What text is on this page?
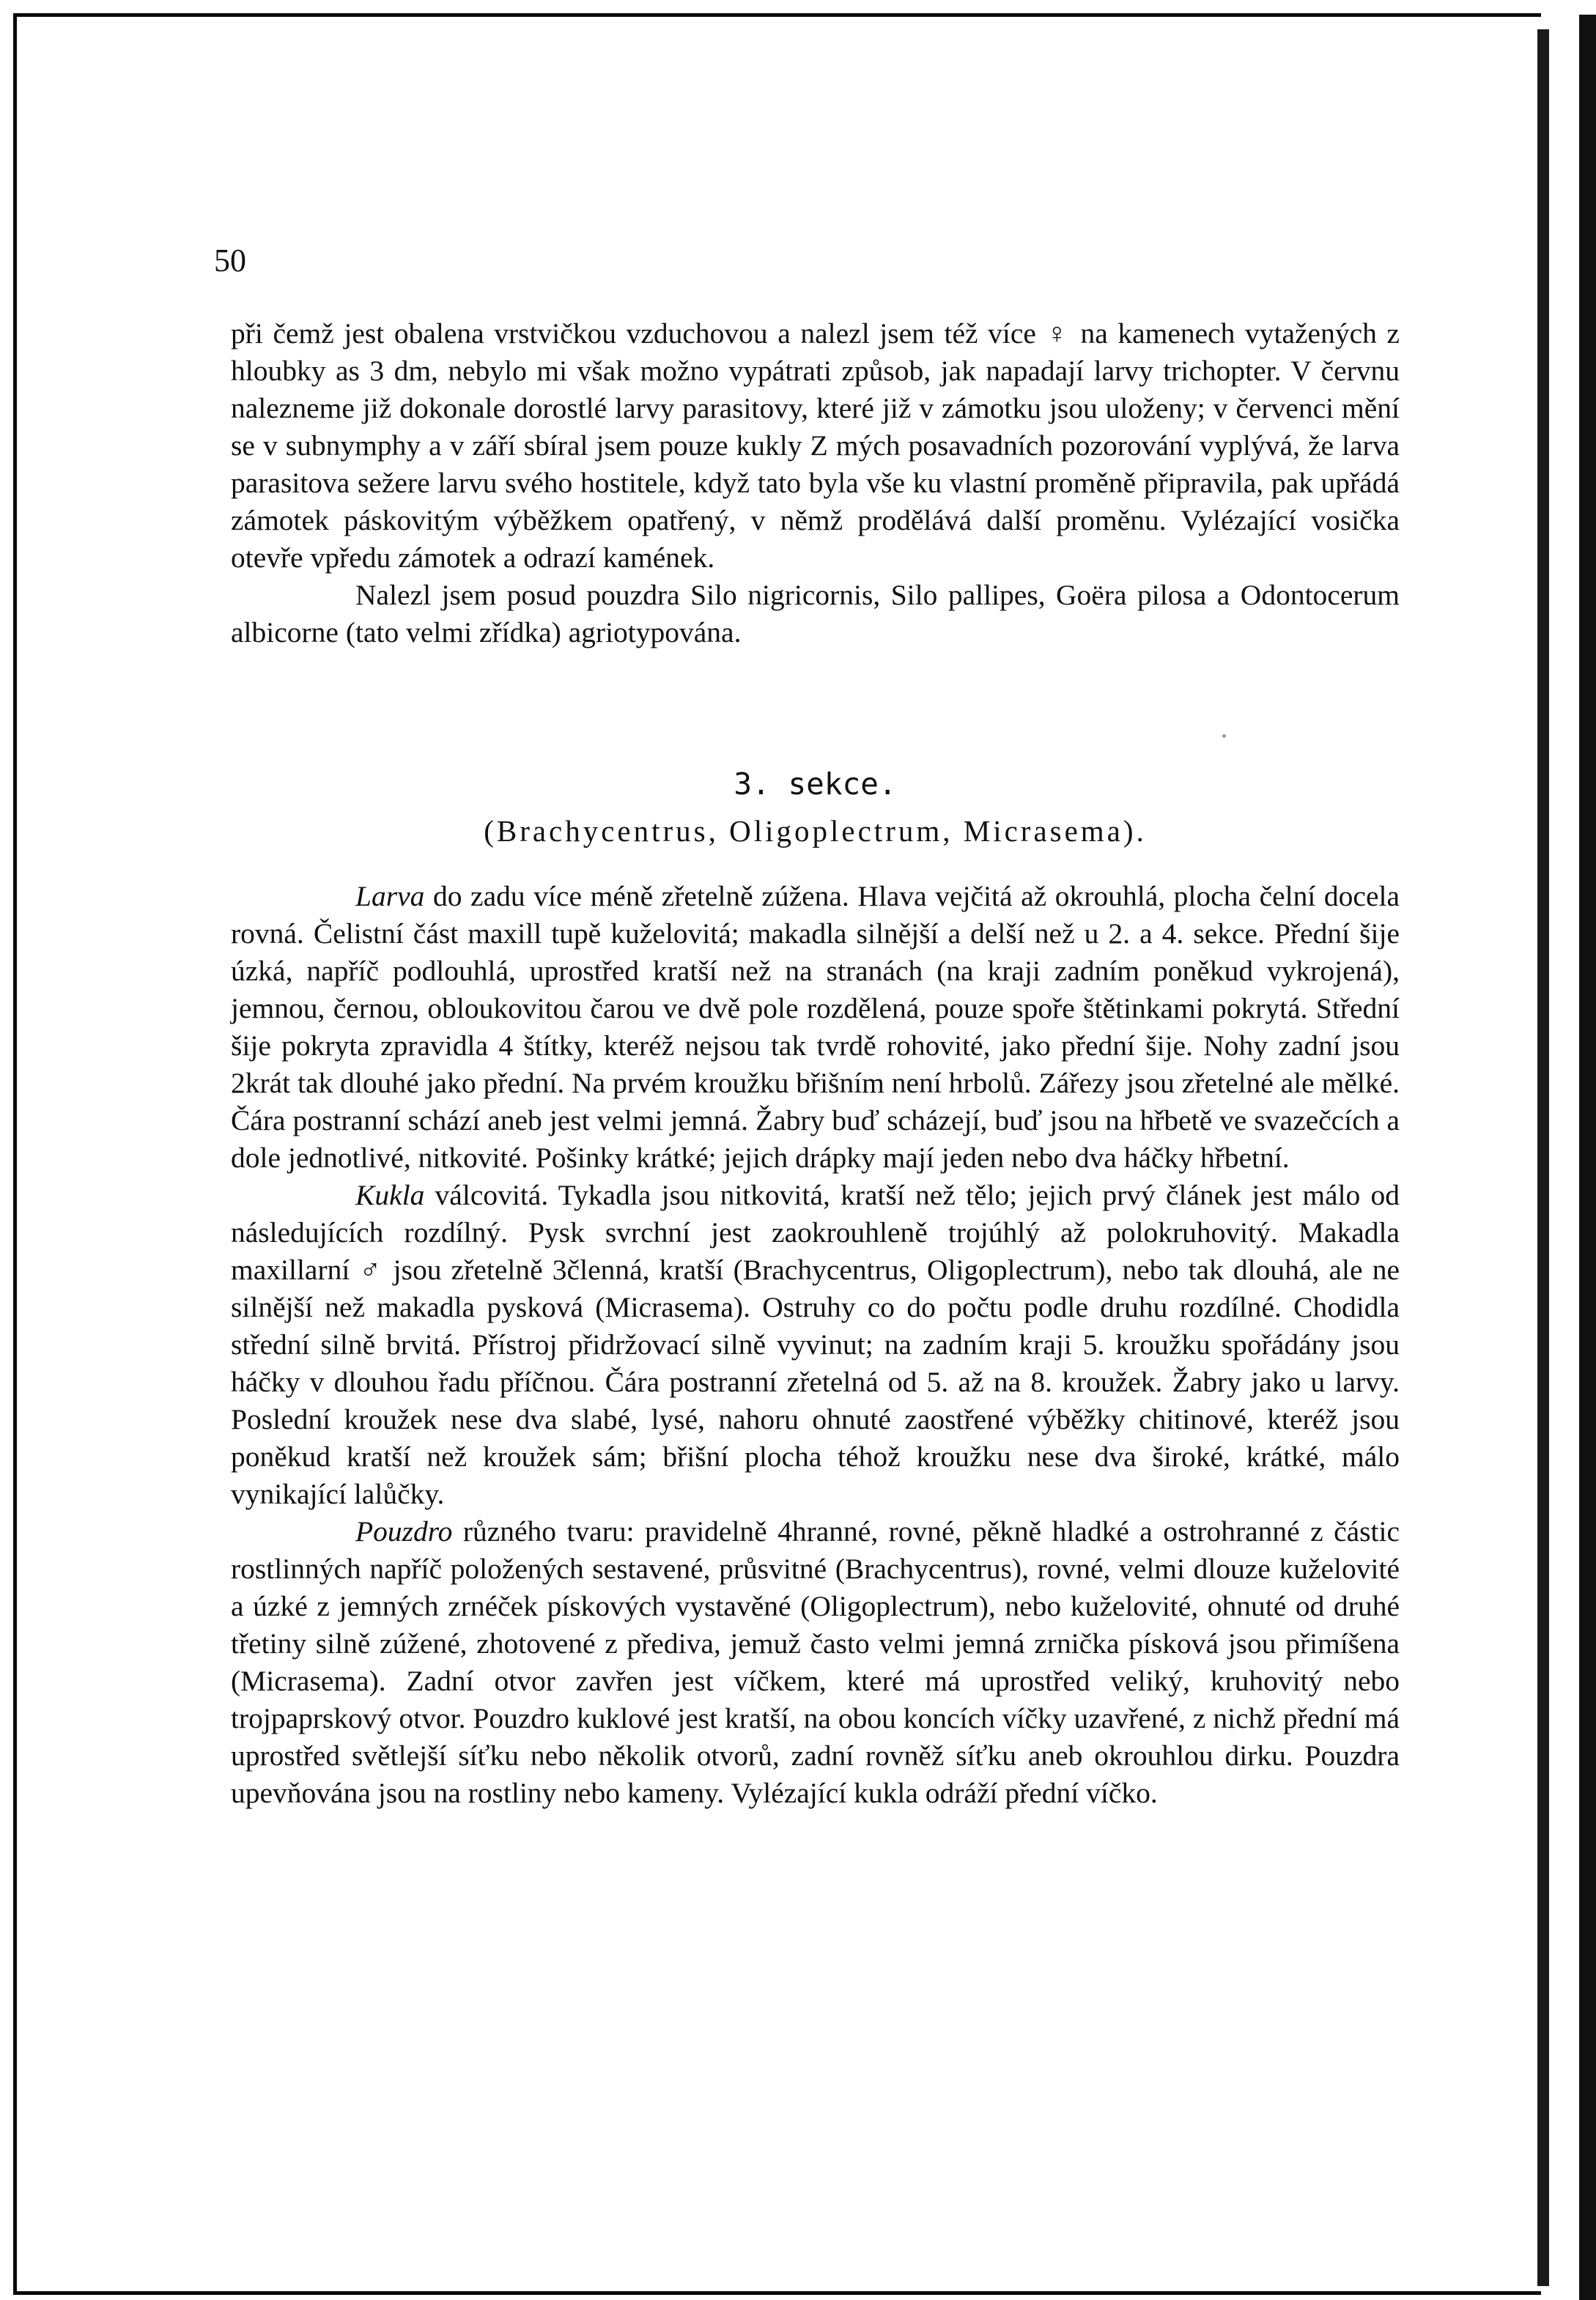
50

při čemž jest obalena vrstvičkou vzduchovou a nalezl jsem též více ♀ na kamenech vytažených z hloubky as 3 dm, nebylo mi však možno vypátrati způsob, jak napadají larvy trichopter. V červnu nalezneme již dokonale dorostlé larvy parasitovy, které již v zámotku jsou uloženy; v červenci mění se v subnymphy a v září sbíral jsem pouze kukly Z mých posavadních pozorování vyplývá, že larva parasitova sežere larvu svého hostitele, když tato byla vše ku vlastní proměně připravila, pak upřádá zámotek páskovitým výběžkem opatřený, v němž prodělává další proměnu. Vylézající vosička otevře vpředu zámotek a odrazí kamének.

Nalezl jsem posud pouzdra Silo nigricornis, Silo pallipes, Goëra pilosa a Odontocerum albicorne (tato velmi zřídka) agriotypována.

3. sekce.
(Brachycentrus, Oligoplectrum, Micrasema).

Larva do zadu více méně zřetelně zúžena. Hlava vejčitá až okrouhlá, plocha čelní docela rovná. Čelistní část maxill tupě kuželovitá; makadla silnější a delší než u 2. a 4. sekce. Přední šije úzká, napříč podlouhlá, uprostřed kratší než na stranách (na kraji zadním poněkud vykrojená), jemnou, černou, obloukovitou čarou ve dvě pole rozdělená, pouze spoře štětinkami pokrytá. Střední šije pokryta zpravidla 4 štítky, kteréž nejsou tak tvrdě rohovité, jako přední šije. Nohy zadní jsou 2krát tak dlouhé jako přední. Na prvém kroužku břišním není hrbolů. Zářezy jsou zřetelné ale mělké. Čára postranní schází aneb jest velmi jemná. Žabry buď scházejí, buď jsou na hřbetě ve svazečcích a dole jednotlivé, nitkovité. Pošinky krátké; jejich drápky mají jeden nebo dva háčky hřbetní.

Kukla válcovitá. Tykadla jsou nitkovitá, kratší než tělo; jejich prvý článek jest málo od následujících rozdílný. Pysk svrchní jest zaokrouhleně trojúhlý až polokruhovitý. Makadla maxillarní ♂ jsou zřetelně 3členná, kratší (Brachycentrus, Oligoplectrum), nebo tak dlouhá, ale ne silnější než makadla pysková (Micrasema). Ostruhy co do počtu podle druhu rozdílné. Chodidla střední silně brvitá. Přístroj přidržovací silně vyvinut; na zadním kraji 5. kroužku spořádány jsou háčky v dlouhou řadu příčnou. Čára postranní zřetelná od 5. až na 8. kroužek. Žabry jako u larvy. Poslední kroužek nese dva slabé, lysé, nahoru ohnuté zaostřené výběžky chitinové, kteréž jsou poněkud kratší než kroužek sám; břišní plocha téhož kroužku nese dva široké, krátké, málo vynikající lalůčky.

Pouzdro různého tvaru: pravidelně 4hranné, rovné, pěkně hladké a ostrohranné z částic rostlinných napříč položených sestavené, průsvitné (Brachycentrus), rovné, velmi dlouze kuželovité a úzké z jemných zrnéček pískových vystavěné (Oligoplectrum), nebo kuželovité, ohnuté od druhé třetiny silně zúžené, zhotovené z přediva, jemuž často velmi jemná zrnička písková jsou přimíšena (Micrasema). Zadní otvor zavřen jest víčkem, které má uprostřed veliký, kruhovitý nebo trojpaprskový otvor. Pouzdro kuklové jest kratší, na obou koncích víčky uzavřené, z nichž přední má uprostřed světlejší síťku nebo několik otvorů, zadní rovněž síťku aneb okrouhlou dirku. Pouzdra upevňována jsou na rostliny nebo kameny. Vylézající kukla odráží přední víčko.
